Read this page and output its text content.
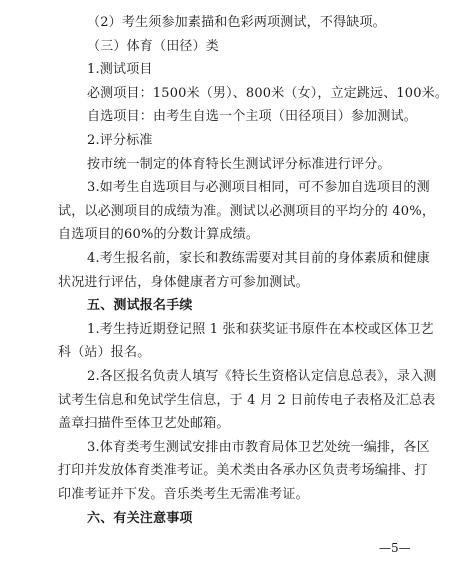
（2）考生须参加素描和色彩两项测试，不得缺项。
（三）体育（田径）类
1.测试项目
必测项目：1500米（男）、800米（女），立定跳远、100米。
自选项目：由考生自选一个主项（田径项目）参加测试。
2.评分标准
按市统一制定的体育特长生测试评分标准进行评分。
3.如考生自选项目与必测项目相同，可不参加自选项目的测
试，以必测项目的成绩为准。测试以必测项目的平均分的 40%，
自选项目的60%的分数计算成绩。
4.考生报名前，家长和教练需要对其目前的身体素质和健康
状况进行评估，身体健康者方可参加测试。
五、测试报名手续
1.考生持近期登记照 1 张和获奖证书原件在本校或区体卫艺
科（站）报名。
2.各区报名负责人填写《特长生资格认定信息总表》，录入测
试考生信息和免试学生信息，于 4 月 2 日前传电子表格及汇总表
盖章扫描件至体卫艺处邮箱。
3.体育类考生测试安排由市教育局体卫艺处统一编排，各区
打印并发放体育类准考证。美术类由各承办区负责考场编排、打
印准考证并下发。音乐类考生无需准考证。
六、有关注意事项
—5—
